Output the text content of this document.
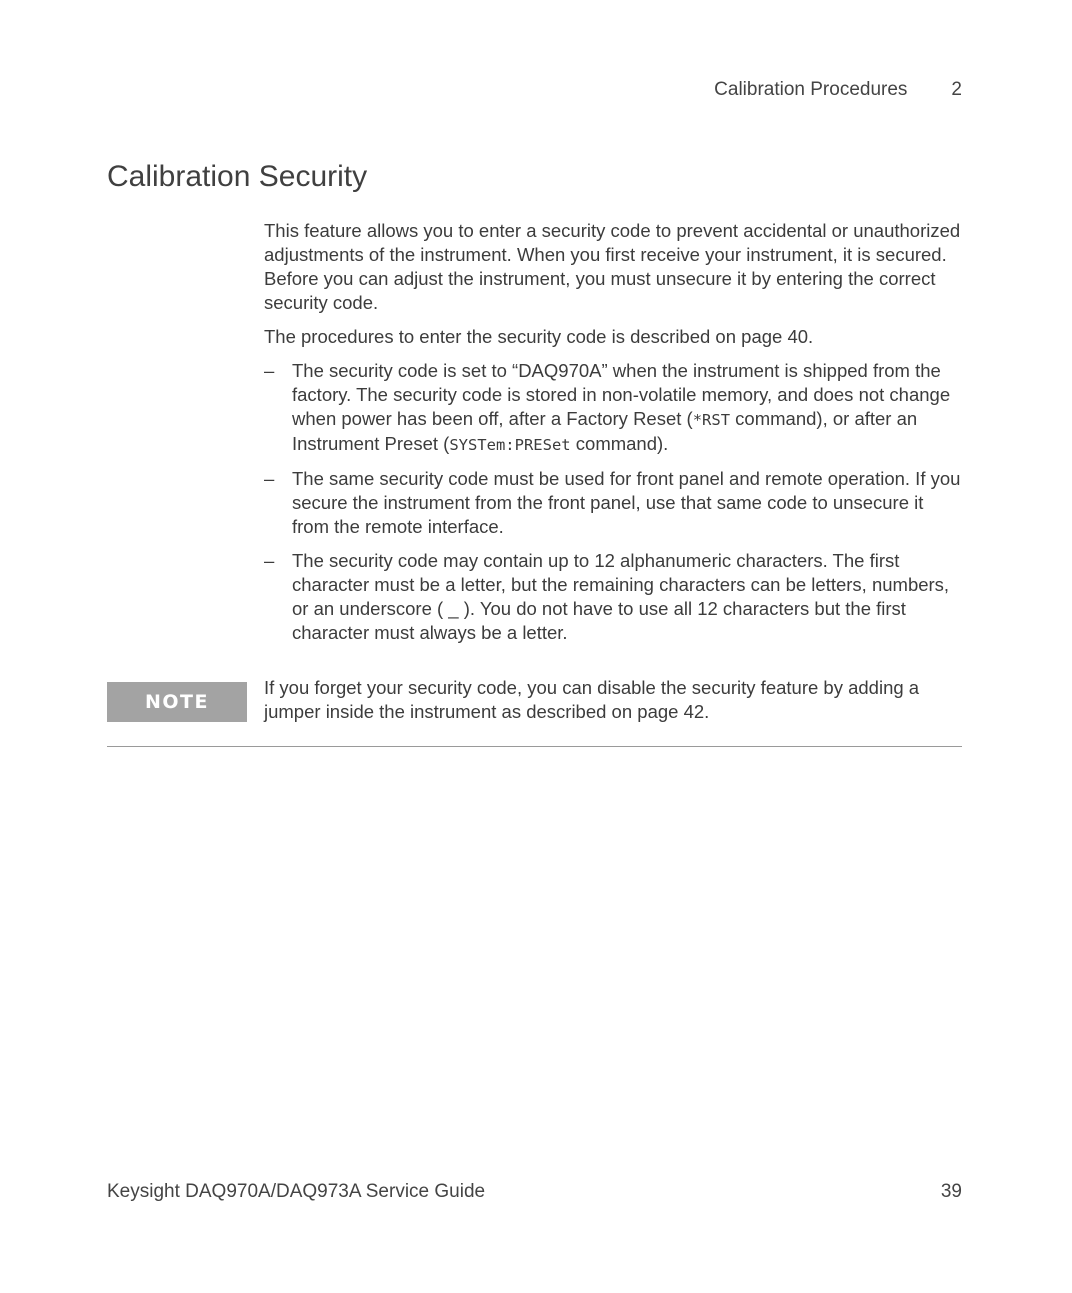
Calibration Procedures 2
Calibration Security

This feature allows you to enter a security code to prevent accidental or unauthorized adjustments of the instrument. When you first receive your instrument, it is secured. Before you can adjust the instrument, you must unsecure it by entering the correct security code.

The procedures to enter the security code is described on page 40.

– The security code is set to “DAQ970A” when the instrument is shipped from the factory. The security code is stored in non-volatile memory, and does not change when power has been off, after a Factory Reset (*RST command), or after an Instrument Preset (SYSTem:PRESet command).
– The same security code must be used for front panel and remote operation. If you secure the instrument from the front panel, use that same code to unsecure it from the remote interface.
– The security code may contain up to 12 alphanumeric characters. The first character must be a letter, but the remaining characters can be letters, numbers, or an underscore ( _ ). You do not have to use all 12 characters but the first character must always be a letter.
NOTE

If you forget your security code, you can disable the security feature by adding a jumper inside the instrument as described on page 42.

Keysight DAQ970A/DAQ973A Service Guide	39
